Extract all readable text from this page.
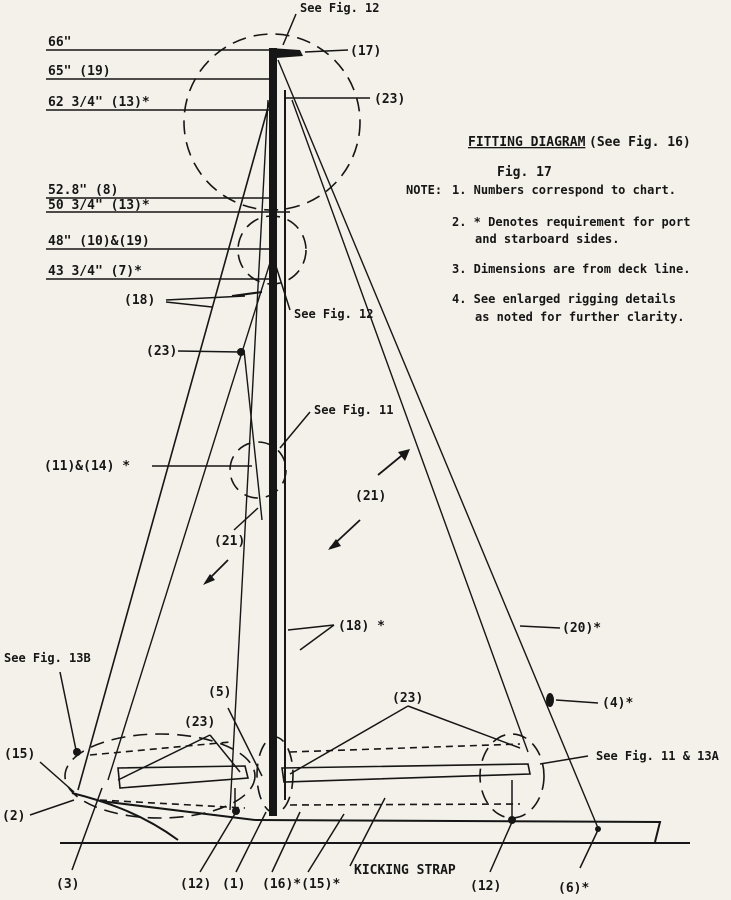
66"
65" (19)
62 3/4" (13)*
52.8" (8)
50 3/4" (13)*
48" (10)&(19)
43 3/4" (7)*
See Fig. 12
See Fig. 12
See Fig. 11
See Fig. 13B
See Fig. 11 & 13A
(17)
(23)
(18)
(23)
(11)&(14) *
(21)
(21)
(18) *	(20)*
(5)
(23)
(23)	(4)*
(15)
(2)
(3)	(12) (1) (16)*(15)*
KICKING STRAP
(12)	(6)*
FITTING DIAGRAM (See Fig. 16)
Fig. 17
NOTE: 1. Numbers correspond to chart.
2. * Denotes requirement for port
and starboard sides.
3. Dimensions are from deck line.
4. See enlarged rigging details
as noted for further clarity.
